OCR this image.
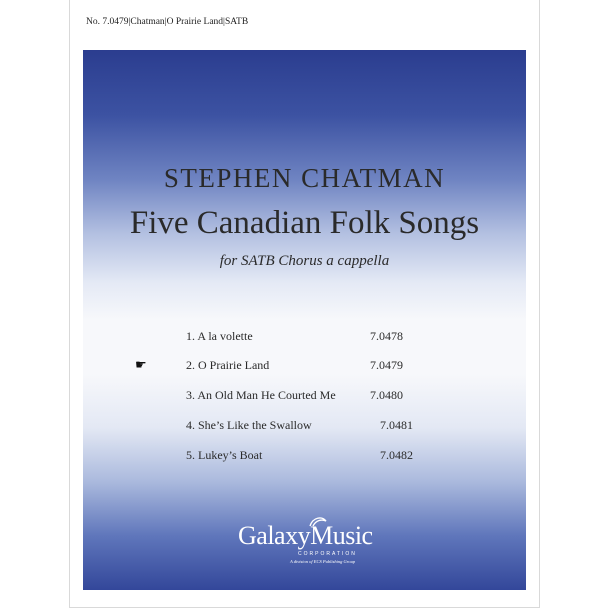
No. 7.0479|Chatman|O Prairie Land|SATB
STEPHEN CHATMAN
Five Canadian Folk Songs
for SATB Chorus a cappella
1. A la volette	7.0478
☛	2. O Prairie Land	7.0479
3. An Old Man He Courted Me	7.0480
4. She’s Like the Swallow	7.0481
5. Lukey’s Boat	7.0482
GalaxyMusic
CORPORATION
A division of ECS Publishing Group
